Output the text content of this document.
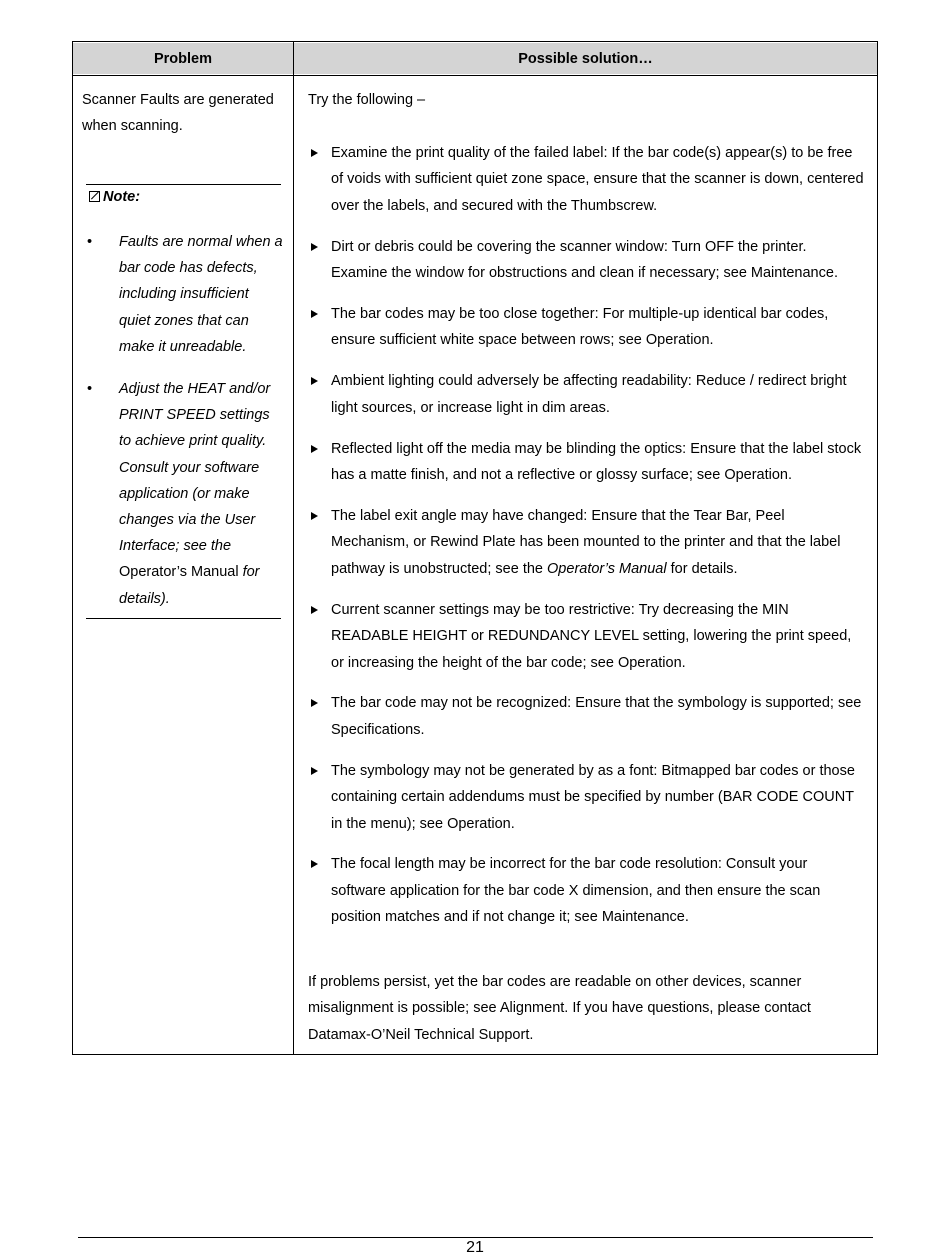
Problem	Possible solution…
Scanner Faults are generated when scanning.
Note:
• Faults are normal when a bar code has defects, including insufficient quiet zones that can make it unreadable.
• Adjust the HEAT and/or PRINT SPEED settings to achieve print quality. Consult your software application (or make changes via the User Interface; see the Operator’s Manual for details).
Try the following –
Examine the print quality of the failed label: If the bar code(s) appear(s) to be free of voids with sufficient quiet zone space, ensure that the scanner is down, centered over the labels, and secured with the Thumbscrew.
Dirt or debris could be covering the scanner window: Turn OFF the printer. Examine the window for obstructions and clean if necessary; see Maintenance.
The bar codes may be too close together: For multiple-up identical bar codes, ensure sufficient white space between rows; see Operation.
Ambient lighting could adversely be affecting readability: Reduce / redirect bright light sources, or increase light in dim areas.
Reflected light off the media may be blinding the optics: Ensure that the label stock has a matte finish, and not a reflective or glossy surface; see Operation.
The label exit angle may have changed: Ensure that the Tear Bar, Peel Mechanism, or Rewind Plate has been mounted to the printer and that the label pathway is unobstructed; see the Operator’s Manual for details.
Current scanner settings may be too restrictive: Try decreasing the MIN READABLE HEIGHT or REDUNDANCY LEVEL setting, lowering the print speed, or increasing the height of the bar code; see Operation.
The bar code may not be recognized: Ensure that the symbology is supported; see Specifications.
The symbology may not be generated by as a font: Bitmapped bar codes or those containing certain addendums must be specified by number (BAR CODE COUNT in the menu); see Operation.
The focal length may be incorrect for the bar code resolution: Consult your software application for the bar code X dimension, and then ensure the scan position matches and if not change it; see Maintenance.
If problems persist, yet the bar codes are readable on other devices, scanner misalignment is possible; see Alignment. If you have questions, please contact Datamax-O’Neil Technical Support.
21
